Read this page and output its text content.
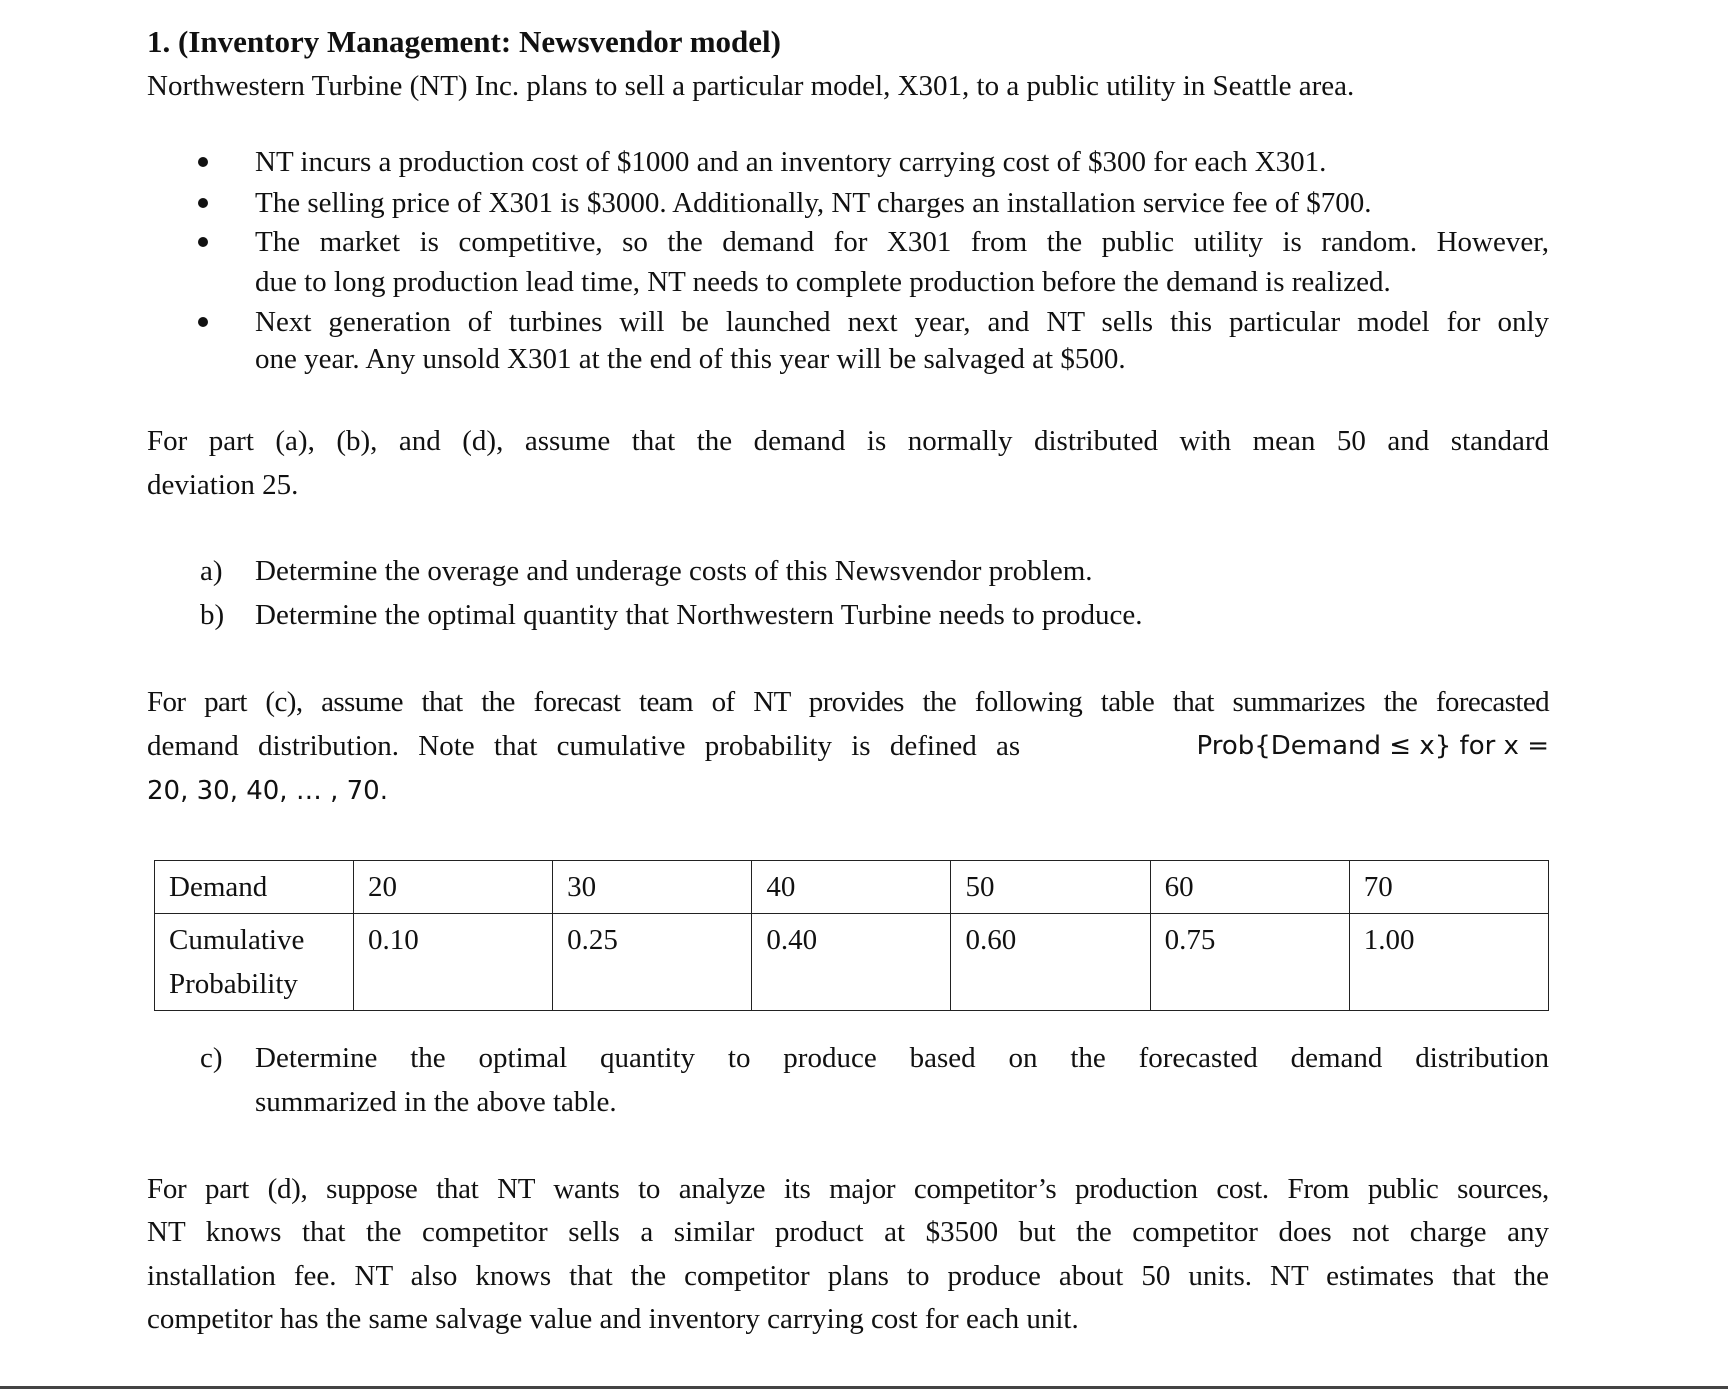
1. (Inventory Management: Newsvendor model)
Northwestern Turbine (NT) Inc. plans to sell a particular model, X301, to a public utility in Seattle area.
NT incurs a production cost of $1000 and an inventory carrying cost of $300 for each X301.
The selling price of X301 is $3000. Additionally, NT charges an installation service fee of $700.
The market is competitive, so the demand for X301 from the public utility is random. However,
due to long production lead time, NT needs to complete production before the demand is realized.
Next generation of turbines will be launched next year, and NT sells this particular model for only
one year. Any unsold X301 at the end of this year will be salvaged at $500.
For part (a), (b), and (d), assume that the demand is normally distributed with mean 50 and standard
deviation 25.
a) Determine the overage and underage costs of this Newsvendor problem.
b) Determine the optimal quantity that Northwestern Turbine needs to produce.
For part (c), assume that the forecast team of NT provides the following table that summarizes the forecasted
demand distribution. Note that cumulative probability is defined as	Prob{Demand ≤ x} for x =
20, 30, 40, … , 70.
Demand	20	30	40	50	60	70

Cumulative
Probability	0.10	0.25	0.40	0.60	0.75	1.00
c) Determine the optimal quantity to produce based on the forecasted demand distribution
summarized in the above table.
For part (d), suppose that NT wants to analyze its major competitor’s production cost. From public sources,
NT knows that the competitor sells a similar product at $3500 but the competitor does not charge any
installation fee. NT also knows that the competitor plans to produce about 50 units. NT estimates that the
competitor has the same salvage value and inventory carrying cost for each unit.
